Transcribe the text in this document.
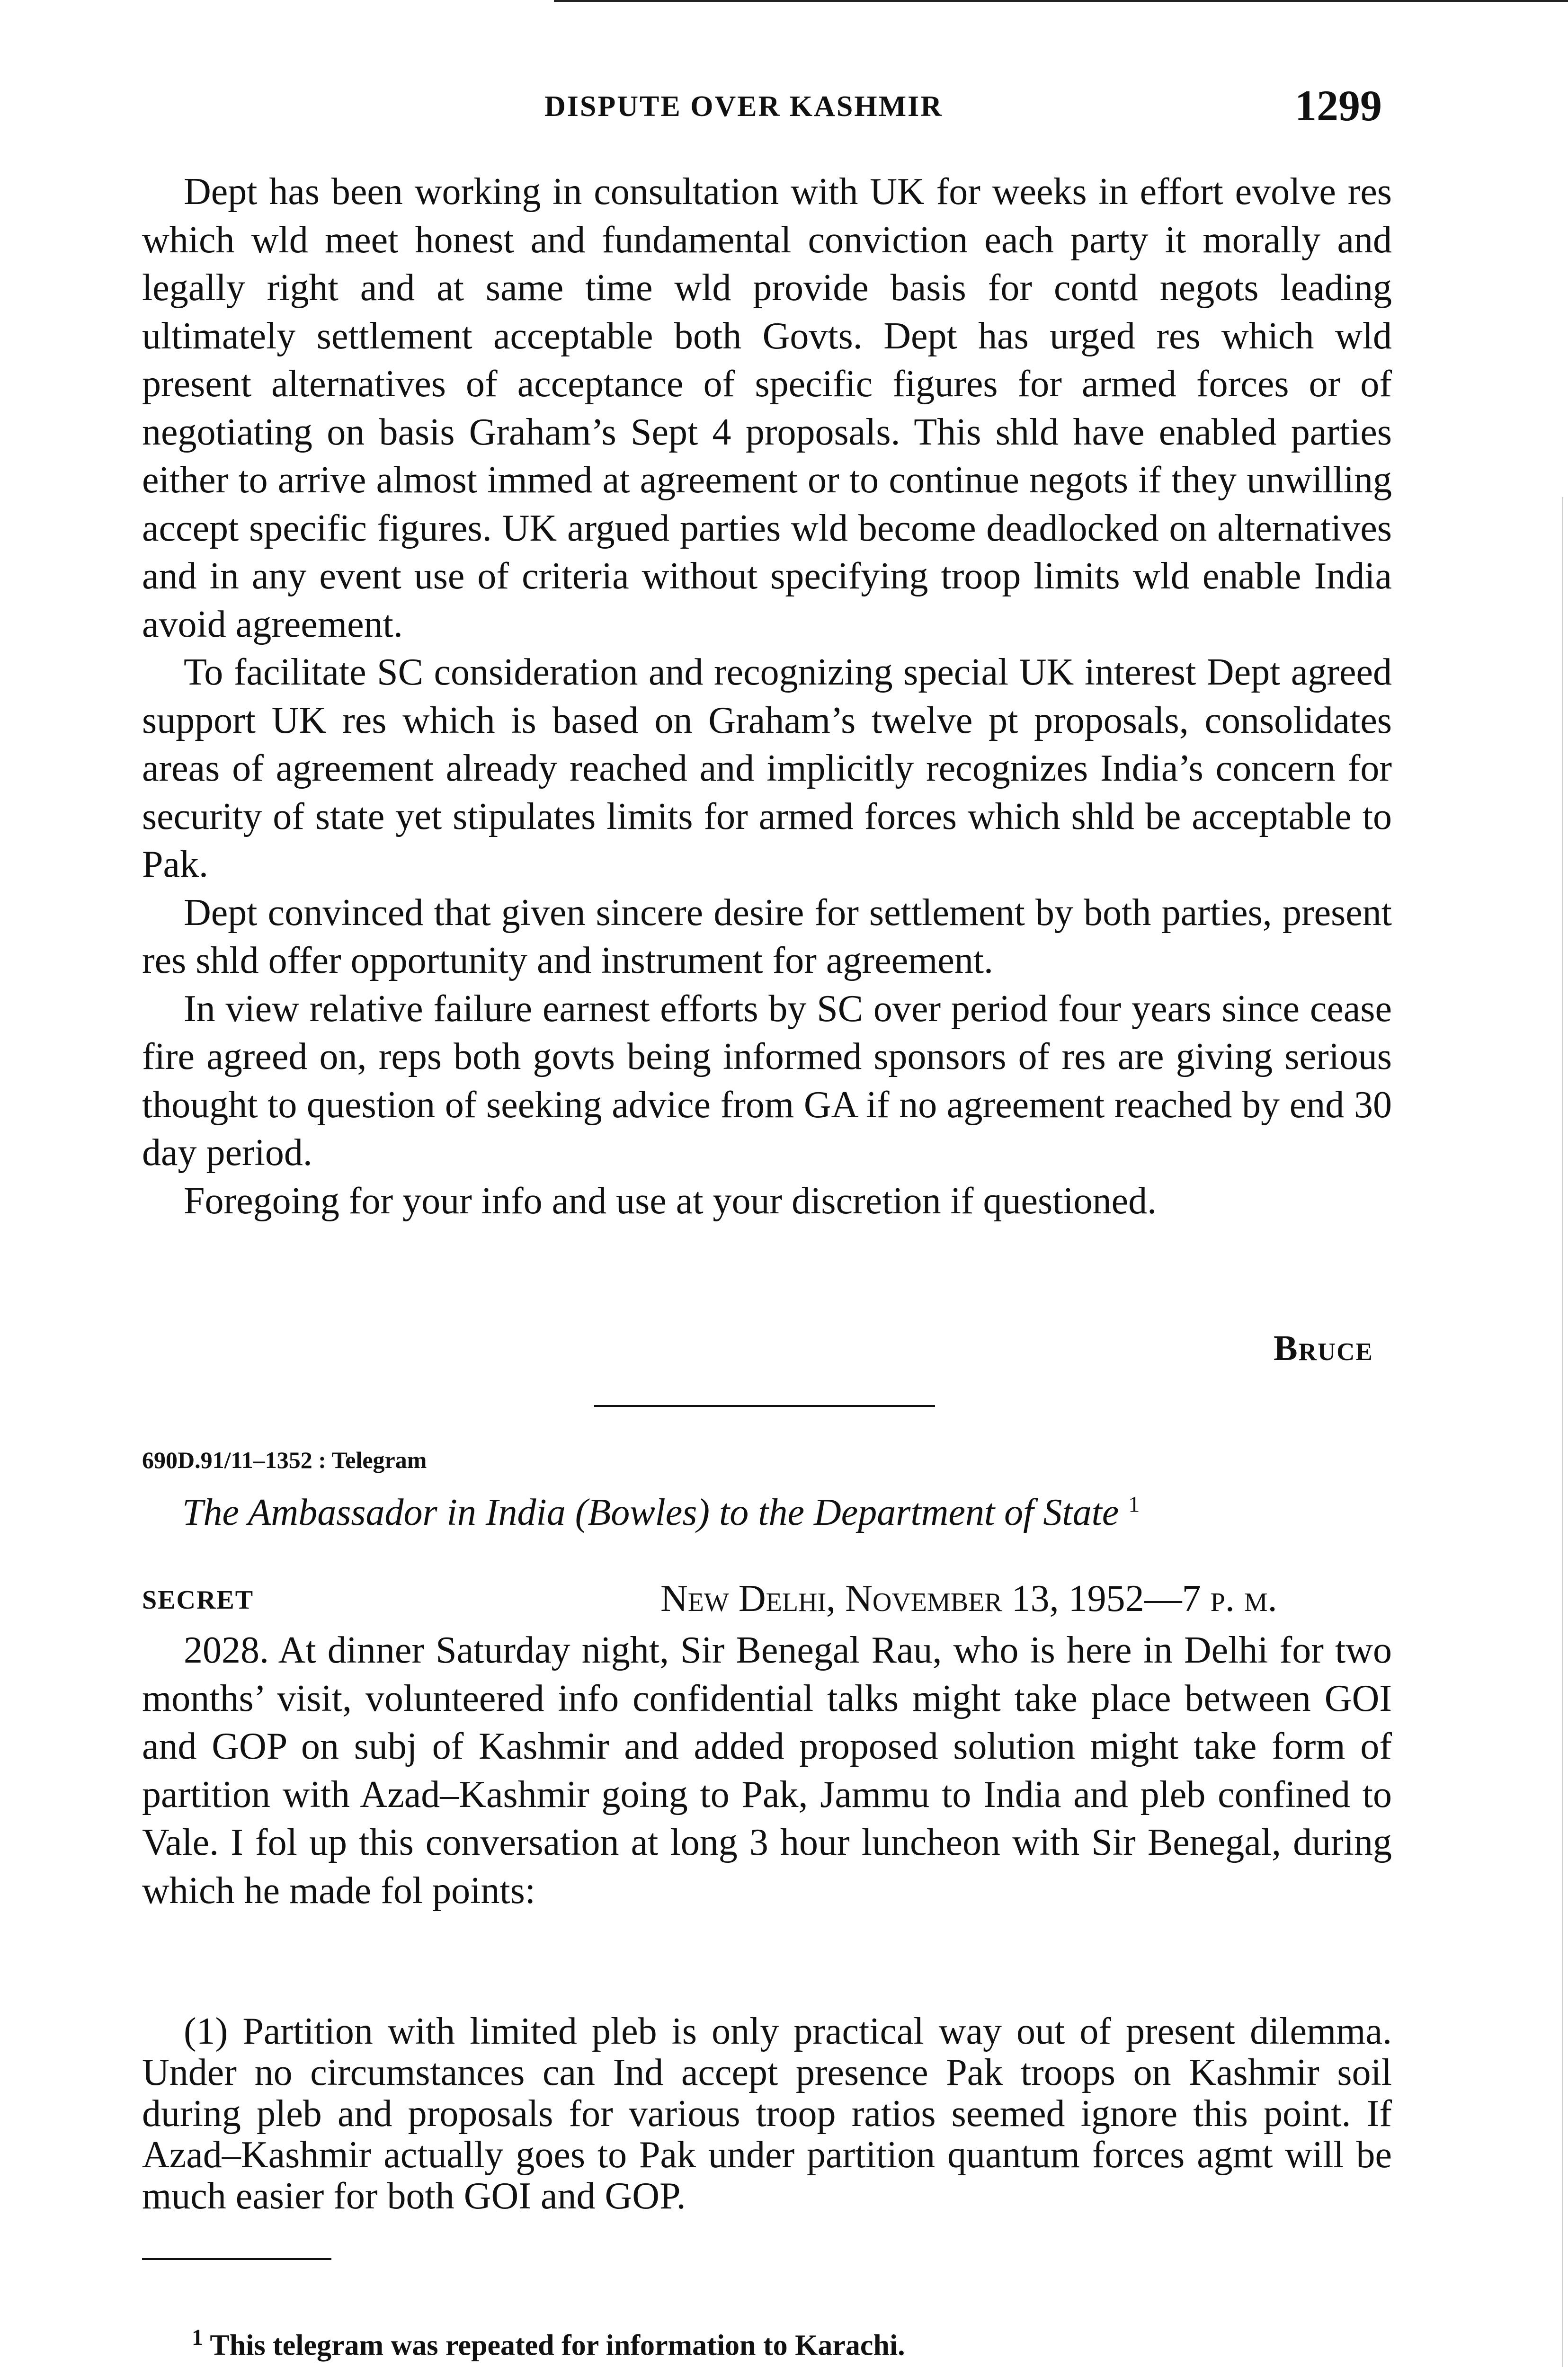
DISPUTE OVER KASHMIR	1299

Dept has been working in consultation with UK for weeks in effort evolve res which wld meet honest and fundamental conviction each party it morally and legally right and at same time wld provide basis for contd negots leading ultimately settlement acceptable both Govts. Dept has urged res which wld present alternatives of acceptance of specific figures for armed forces or of negotiating on basis Graham’s Sept 4 proposals. This shld have enabled parties either to arrive almost immed at agreement or to continue negots if they unwilling accept specific figures. UK argued parties wld become deadlocked on alternatives and in any event use of criteria without specifying troop limits wld enable India avoid agreement.

To facilitate SC consideration and recognizing special UK interest Dept agreed support UK res which is based on Graham’s twelve pt proposals, consolidates areas of agreement already reached and implicitly recognizes India’s concern for security of state yet stipulates limits for armed forces which shld be acceptable to Pak.

Dept convinced that given sincere desire for settlement by both parties, present res shld offer opportunity and instrument for agreement.

In view relative failure earnest efforts by SC over period four years since cease fire agreed on, reps both govts being informed sponsors of res are giving serious thought to question of seeking advice from GA if no agreement reached by end 30 day period.

Foregoing for your info and use at your discretion if questioned.

Bruce
690D.91/11–1352 : Telegram
The Ambassador in India (Bowles) to the Department of State $^1$
SECRET	New Delhi, November 13, 1952—7 p. m.

2028. At dinner Saturday night, Sir Benegal Rau, who is here in Delhi for two months’ visit, volunteered info confidential talks might take place between GOI and GOP on subj of Kashmir and added proposed solution might take form of partition with Azad–Kashmir going to Pak, Jammu to India and pleb confined to Vale. I fol up this conversation at long 3 hour luncheon with Sir Benegal, during which he made fol points:

(1) Partition with limited pleb is only practical way out of present dilemma. Under no circumstances can Ind accept presence Pak troops on Kashmir soil during pleb and proposals for various troop ratios seemed ignore this point. If Azad–Kashmir actually goes to Pak under partition quantum forces agmt will be much easier for both GOI and GOP.

$^1$ This telegram was repeated for information to Karachi.
